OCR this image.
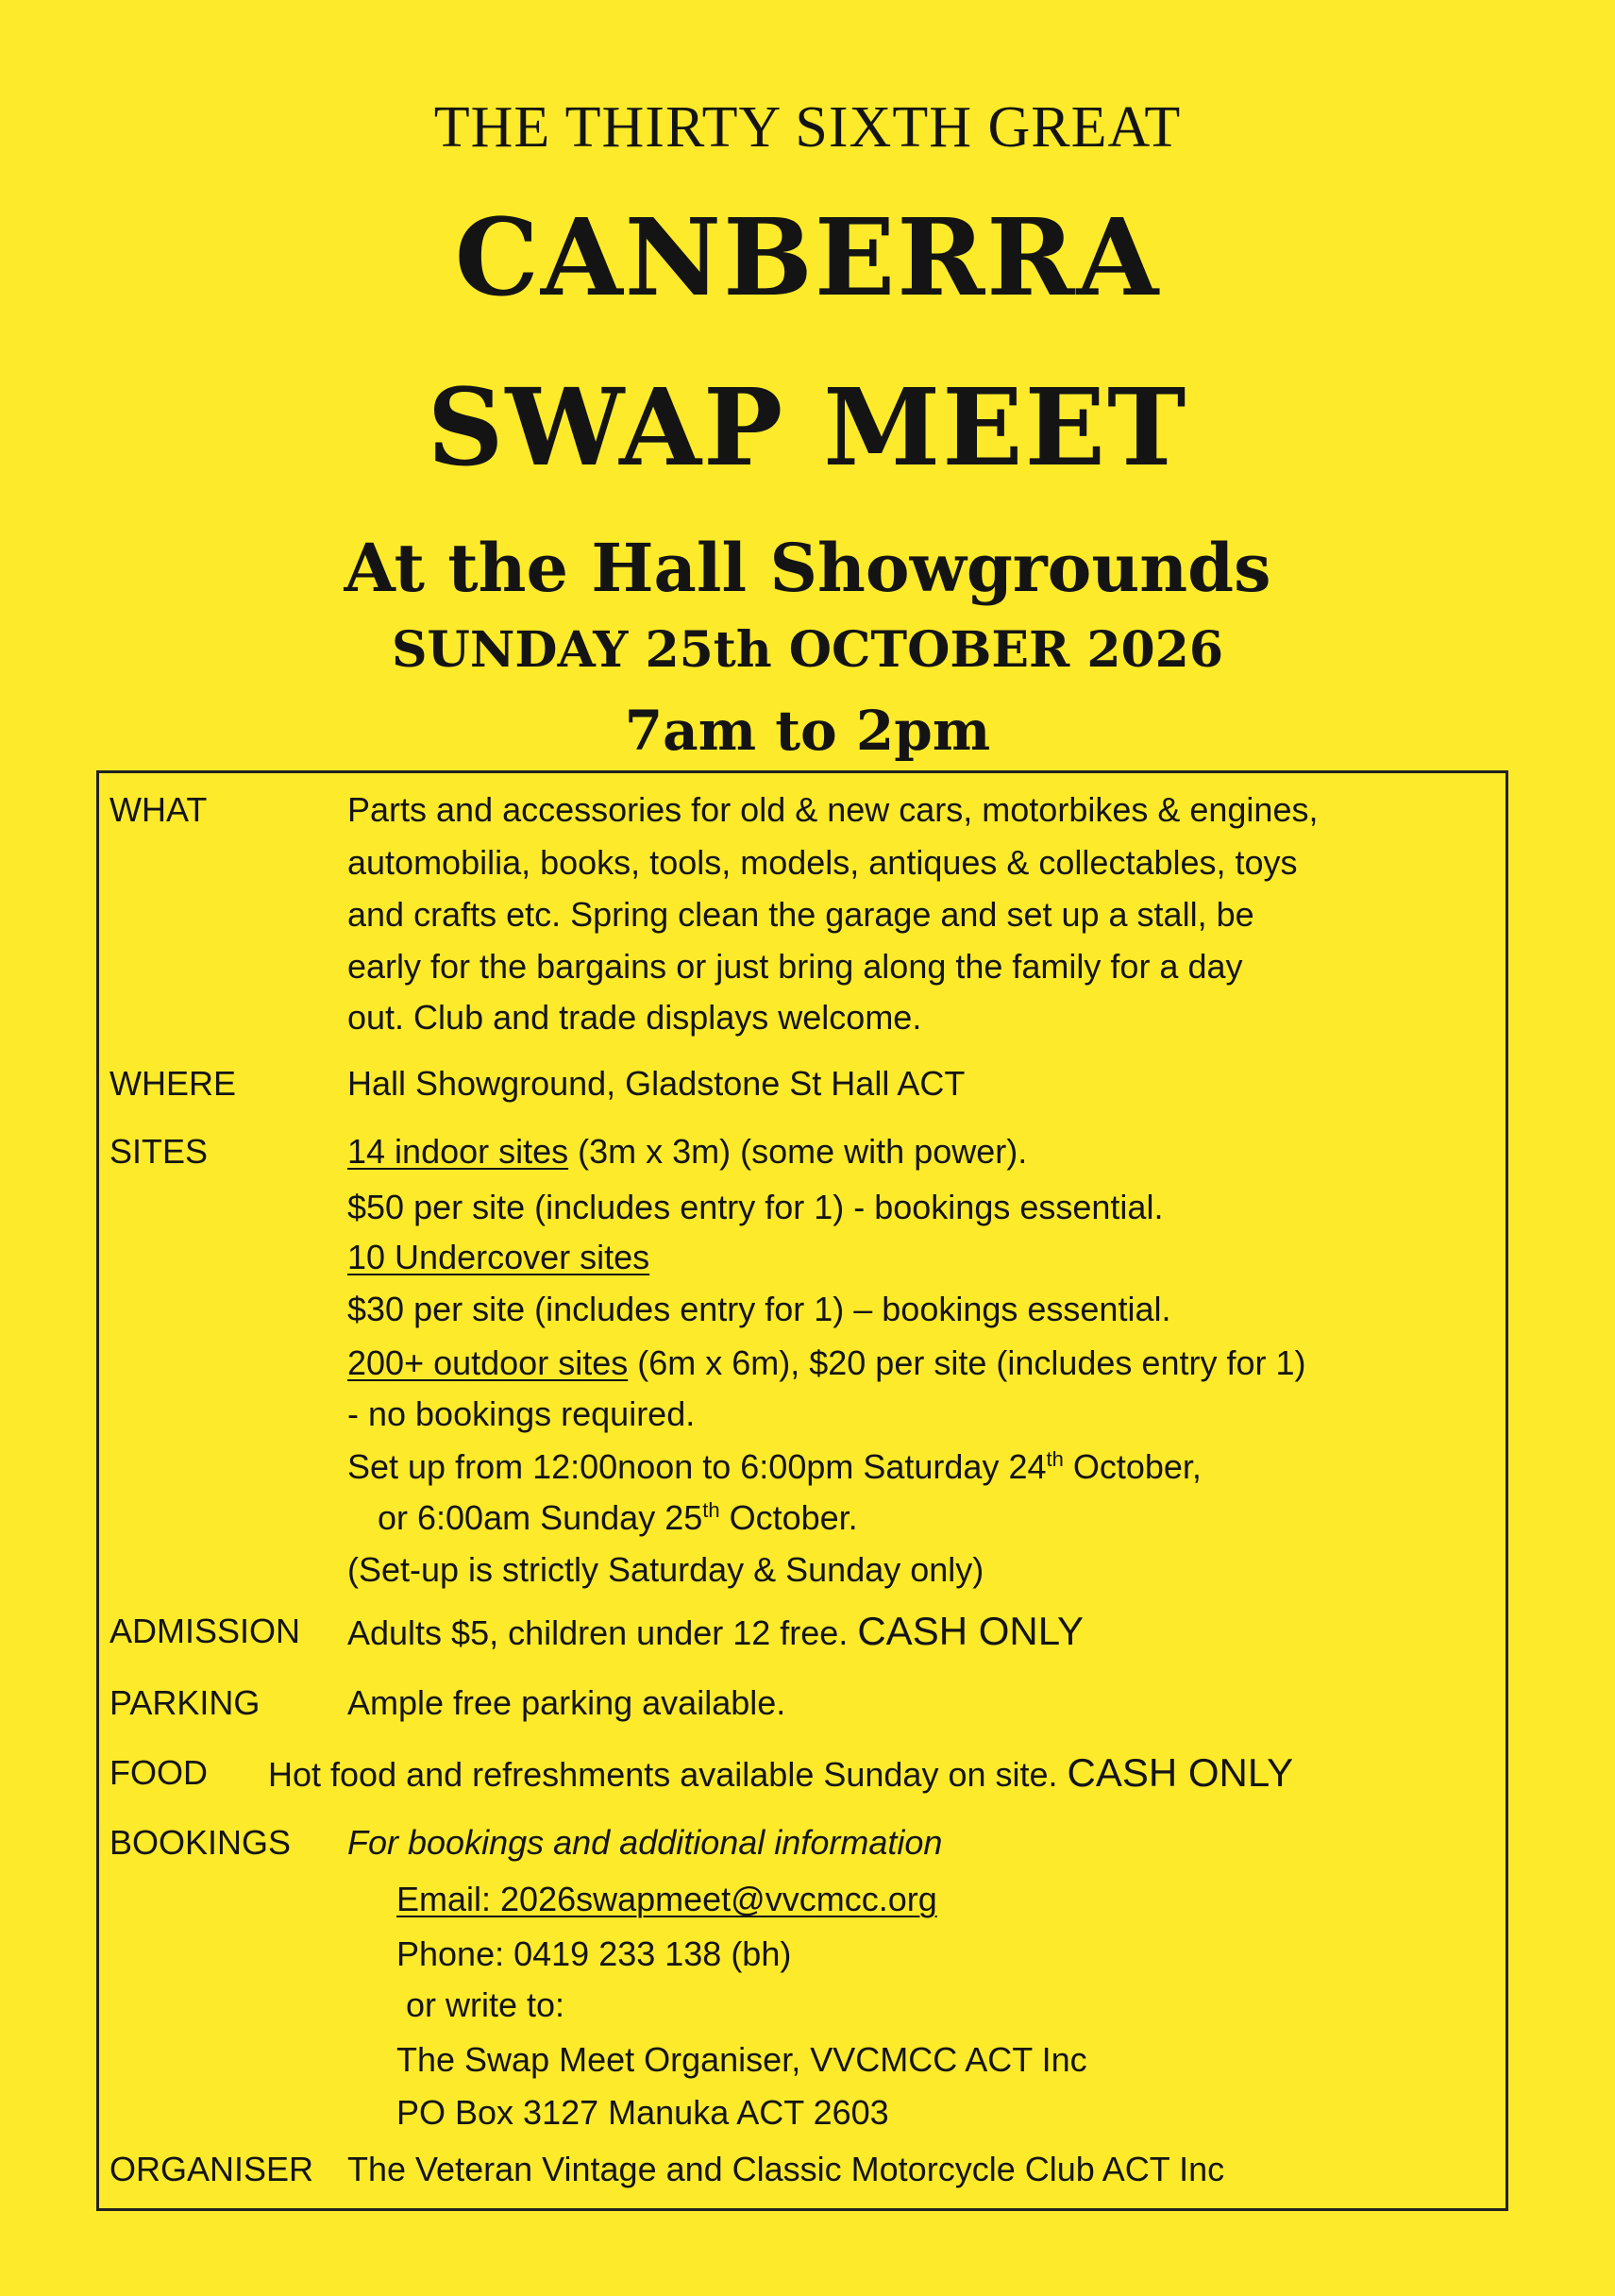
THE THIRTY SIXTH GREAT
CANBERRA
SWAP MEET
At the Hall Showgrounds
SUNDAY 25th OCTOBER 2026
7am to 2pm
WHAT	Parts and accessories for old & new cars, motorbikes & engines,
automobilia, books, tools, models, antiques & collectables, toys
and crafts etc. Spring clean the garage and set up a stall, be
early for the bargains or just bring along the family for a day
out. Club and trade displays welcome.
WHERE	Hall Showground, Gladstone St Hall ACT
SITES	14 indoor sites (3m x 3m) (some with power).
$50 per site (includes entry for 1) - bookings essential.
10 Undercover sites
$30 per site (includes entry for 1) – bookings essential.
200+ outdoor sites (6m x 6m), $20 per site (includes entry for 1)
- no bookings required.
Set up from 12:00noon to 6:00pm Saturday 24th October,
or 6:00am Sunday 25th October.
(Set-up is strictly Saturday & Sunday only)
ADMISSION Adults $5, children under 12 free. CASH ONLY
PARKING	Ample free parking available.
FOOD Hot food and refreshments available Sunday on site. CASH ONLY
BOOKINGS For bookings and additional information
Email: 2026swapmeet@vvcmcc.org
Phone: 0419 233 138 (bh)
or write to:
The Swap Meet Organiser, VVCMCC ACT Inc
PO Box 3127 Manuka ACT 2603
ORGANISER The Veteran Vintage and Classic Motorcycle Club ACT Inc
